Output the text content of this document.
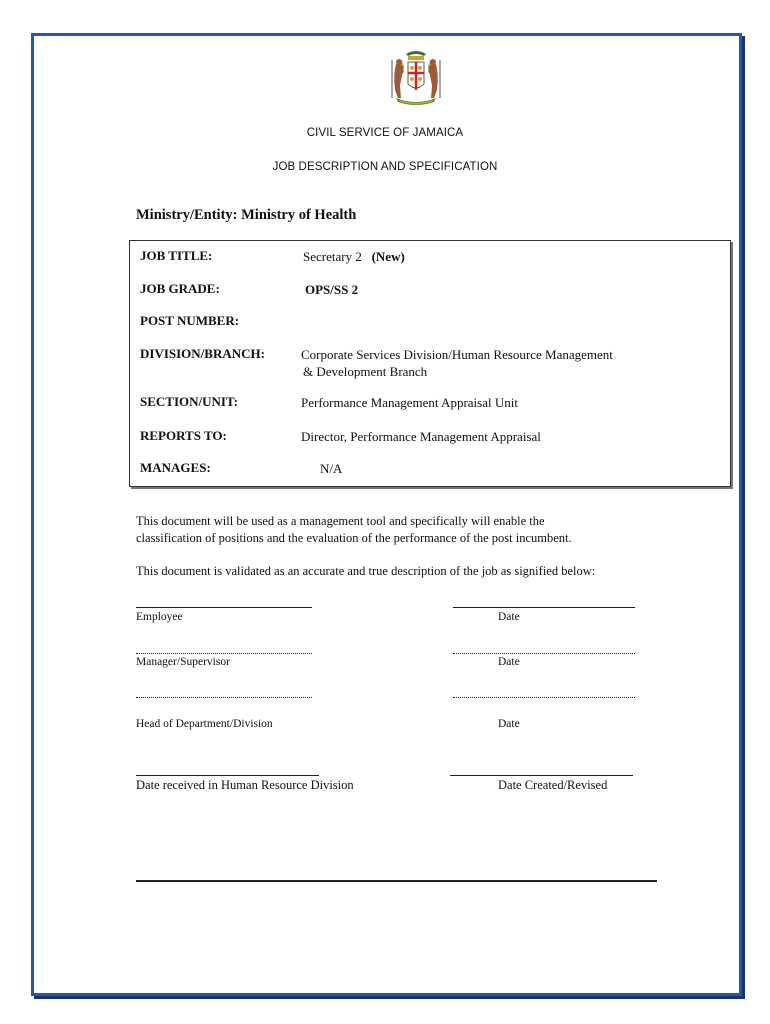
CIVIL SERVICE OF JAMAICA
JOB DESCRIPTION AND SPECIFICATION
Ministry/Entity: Ministry of Health
JOB TITLE:	Secretary 2 (New)
JOB GRADE:	OPS/SS 2
POST NUMBER:
DIVISION/BRANCH:	Corporate Services Division/Human Resource Management
& Development Branch
SECTION/UNIT:	Performance Management Appraisal Unit
REPORTS TO:	Director, Performance Management Appraisal
MANAGES:	N/A
This document will be used as a management tool and specifically will enable the
classification of positions and the evaluation of the performance of the post incumbent.
This document is validated as an accurate and true description of the job as signified below:
Employee	Date
Manager/Supervisor	Date
Head of Department/Division	Date
Date received in Human Resource Division	Date Created/Revised
